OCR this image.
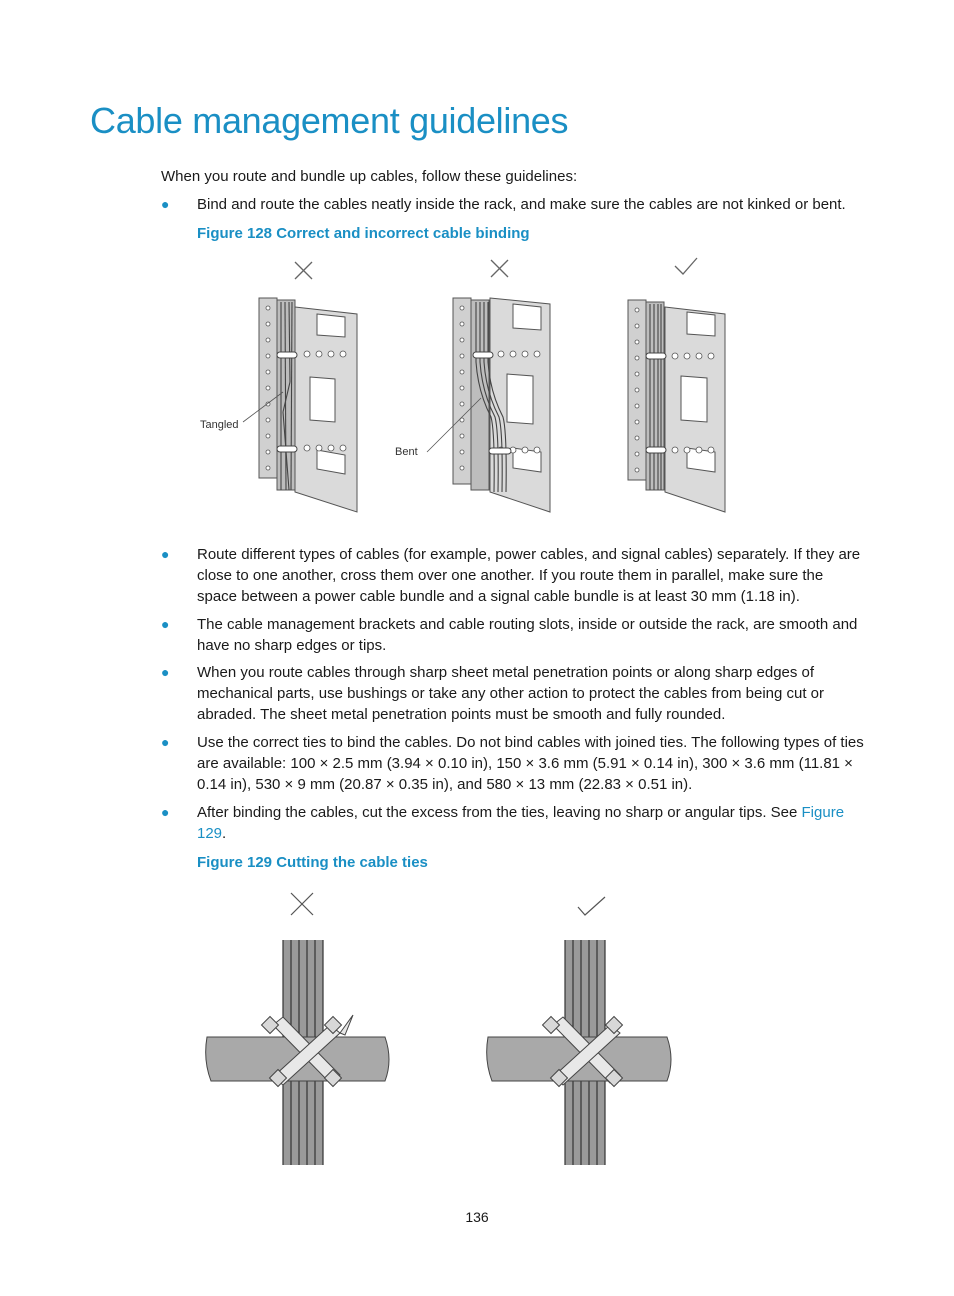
Cable management guidelines
When you route and bundle up cables, follow these guidelines:
● Bind and route the cables neatly inside the rack, and make sure the cables are not kinked or bent.
Figure 128 Correct and incorrect cable binding
Tangled
Bent
● Route different types of cables (for example, power cables, and signal cables) separately. If they are close to one another, cross them over one another. If you route them in parallel, make sure the space between a power cable bundle and a signal cable bundle is at least 30 mm (1.18 in).
● The cable management brackets and cable routing slots, inside or outside the rack, are smooth and have no sharp edges or tips.
● When you route cables through sharp sheet metal penetration points or along sharp edges of mechanical parts, use bushings or take any other action to protect the cables from being cut or abraded. The sheet metal penetration points must be smooth and fully rounded.
● Use the correct ties to bind the cables. Do not bind cables with joined ties. The following types of ties are available: 100 × 2.5 mm (3.94 × 0.10 in), 150 × 3.6 mm (5.91 × 0.14 in), 300 × 3.6 mm (11.81 × 0.14 in), 530 × 9 mm (20.87 × 0.35 in), and 580 × 13 mm (22.83 × 0.51 in).
● After binding the cables, cut the excess from the ties, leaving no sharp or angular tips. See Figure 129.
Figure 129 Cutting the cable ties
136
